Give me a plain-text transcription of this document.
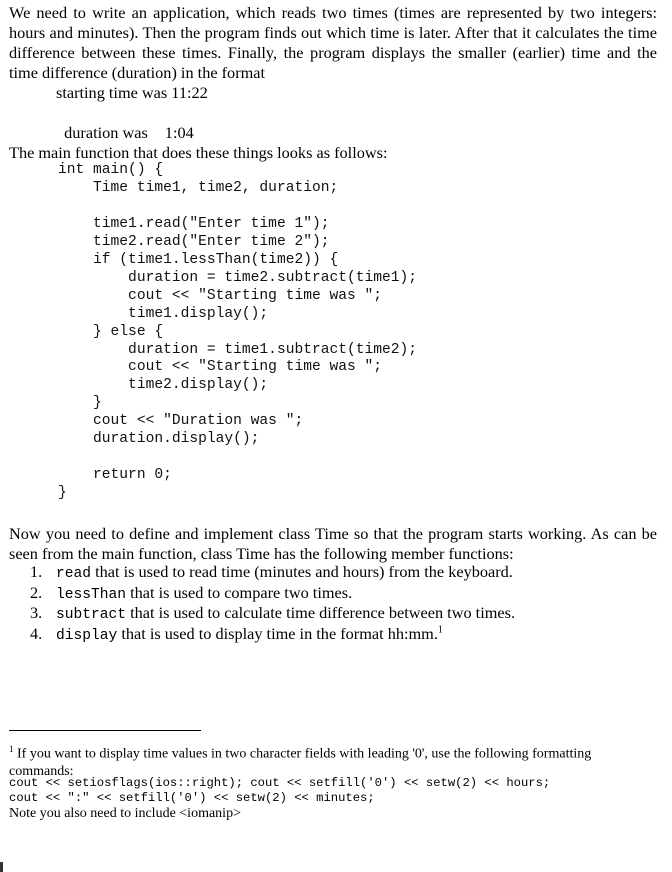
We need to write an application, which reads two times (times are represented by two integers: hours and minutes). Then the program finds out which time is later. After that it calculates the time difference between these times. Finally, the program displays the smaller (earlier) time and the time difference (duration) in the format
starting time was 11:22

duration was 1:04

The main function that does these things looks as follows:
int main() {
Time time1, time2, duration;
time1.read("Enter time 1");
time2.read("Enter time 2");
if (time1.lessThan(time2)) {
duration = time2.subtract(time1);
cout << "Starting time was ";
time1.display();
} else {
duration = time1.subtract(time2);
cout << "Starting time was ";
time2.display();
}
cout << "Duration was ";
duration.display();
return 0;
}
Now you need to define and implement class Time so that the program starts working. As can be seen from the main function, class Time has the following member functions:
1. read that is used to read time (minutes and hours) from the keyboard.
2. lessThan that is used to compare two times.
3. subtract that is used to calculate time difference between two times.
4. display that is used to display time in the format hh:mm.$^1$
$^1$ If you want to display time values in two character fields with leading '0', use the following formatting commands:
cout << setiosflags(ios::right); cout << setfill('0') << setw(2) << hours;
cout << ":" << setfill('0') << setw(2) << minutes;
Note you also need to include <iomanip>
